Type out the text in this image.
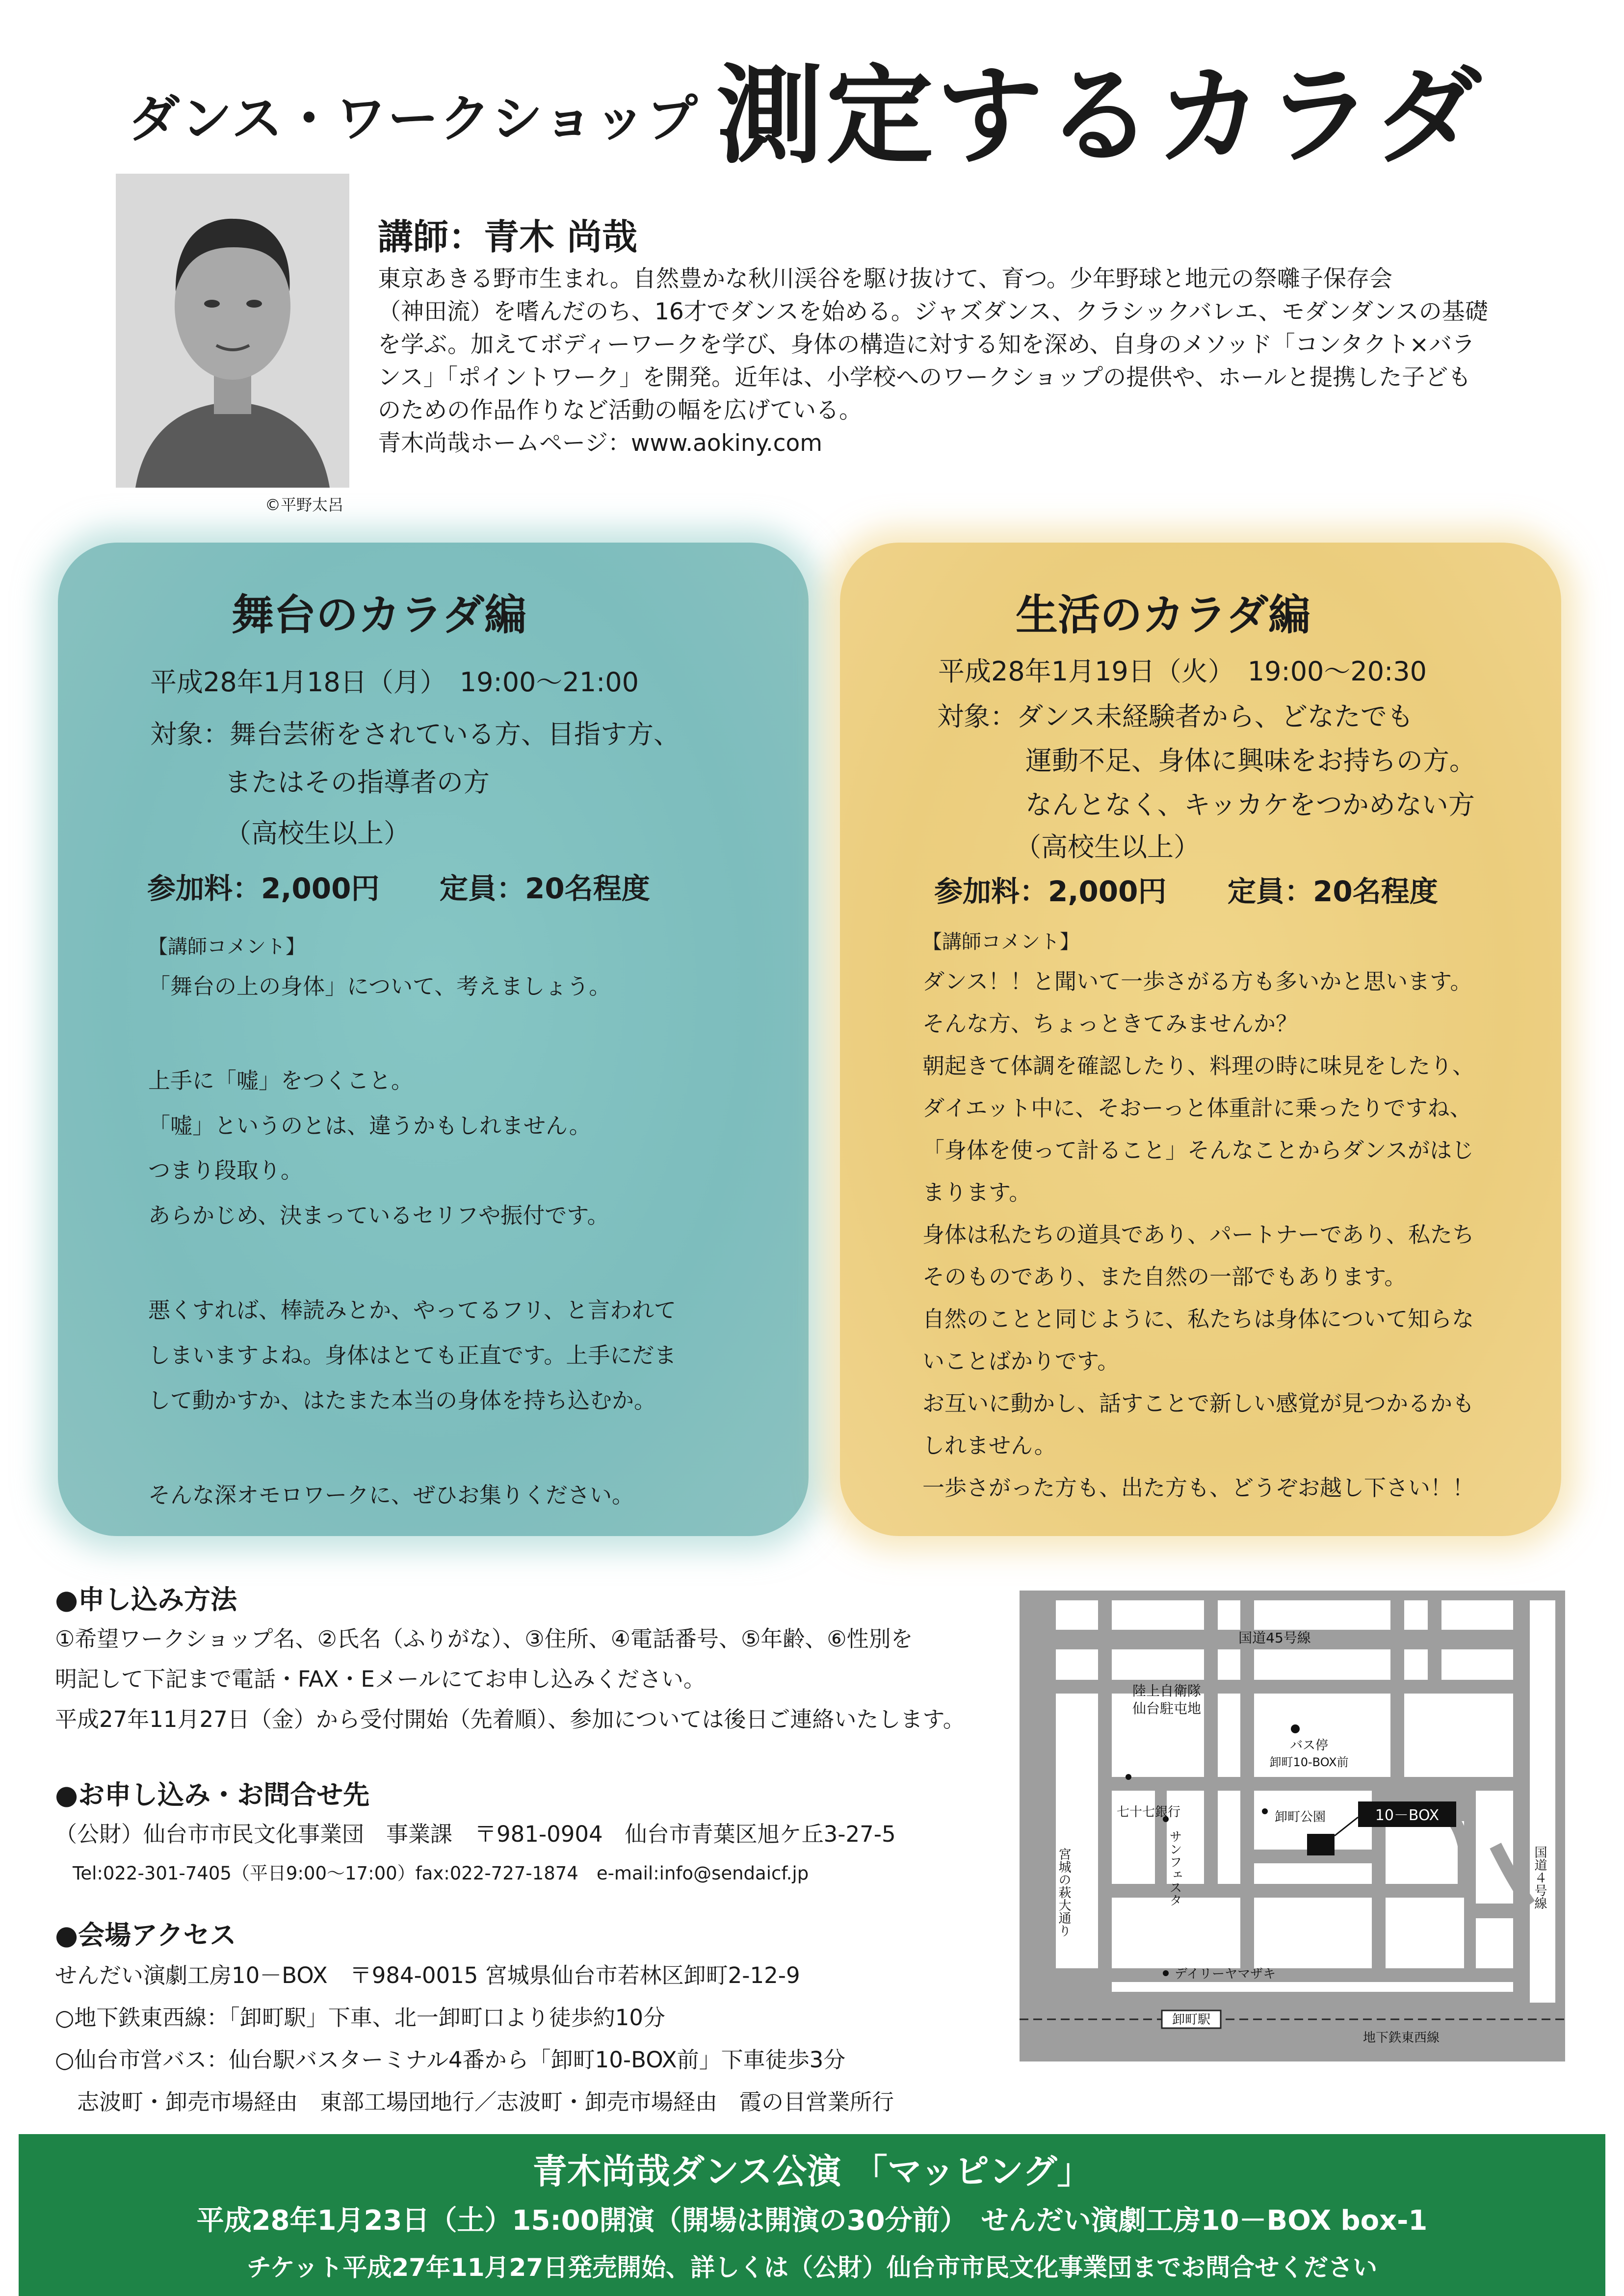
ダンス・ワークショップ 測定するカラダ
©平野太呂
講師：青木 尚哉
東京あきる野市生まれ。自然豊かな秋川渓谷を駆け抜けて、育つ。少年野球と地元の祭囃子保存会
（神田流）を嗜んだのち、16才でダンスを始める。ジャズダンス、クラシックバレエ、モダンダンスの基礎
を学ぶ。加えてボディーワークを学び、身体の構造に対する知を深め、自身のメソッド「コンタクト×バラ
ンス」「ポイントワーク」を開発。近年は、小学校へのワークショップの提供や、ホールと提携した子ども
のための作品作りなど活動の幅を広げている。
青木尚哉ホームページ：www.aokiny.com
舞台のカラダ編
平成28年1月18日（月）　19:00～21:00
対象：舞台芸術をされている方、目指す方、
またはその指導者の方
（高校生以上）
参加料：2,000円 定員：20名程度
【講師コメント】
「舞台の上の身体」について、考えましょう。
上手に「嘘」をつくこと。
「嘘」というのとは、違うかもしれません。
つまり段取り。
あらかじめ、決まっているセリフや振付です。
悪くすれば、棒読みとか、やってるフリ、と言われて
しまいますよね。身体はとても正直です。上手にだま
して動かすか、はたまた本当の身体を持ち込むか。
そんな深オモロワークに、ぜひお集りください。
生活のカラダ編
平成28年1月19日（火）　19:00～20:30
対象：ダンス未経験者から、どなたでも
運動不足、身体に興味をお持ちの方。
なんとなく、キッカケをつかめない方
（高校生以上）
参加料：2,000円 定員：20名程度
【講師コメント】
ダンス！！と聞いて一歩さがる方も多いかと思います。
そんな方、ちょっときてみませんか？
朝起きて体調を確認したり、料理の時に味見をしたり、
ダイエット中に、そおーっと体重計に乗ったりですね、
「身体を使って計ること」そんなことからダンスがはじ
まります。
身体は私たちの道具であり、パートナーであり、私たち
そのものであり、また自然の一部でもあります。
自然のことと同じように、私たちは身体について知らな
いことばかりです。
お互いに動かし、話すことで新しい感覚が見つかるかも
しれません。
一歩さがった方も、出た方も、どうぞお越し下さい！！
●申し込み方法
①希望ワークショップ名、②氏名（ふりがな）、③住所、④電話番号、⑤年齢、⑥性別を
明記して下記まで電話・FAX・Eメールにてお申し込みください。
平成27年11月27日（金）から受付開始（先着順）、参加については後日ご連絡いたします。
●お申し込み・お問合せ先
（公財）仙台市市民文化事業団　事業課　〒981-0904　仙台市青葉区旭ケ丘3-27-5
Tel:022-301-7405（平日9:00～17:00）fax:022-727-1874　e-mail:info@sendaicf.jp
●会場アクセス
せんだい演劇工房10－BOX　〒984-0015 宮城県仙台市若林区卸町2-12-9
○地下鉄東西線：「卸町駅」下車、北一卸町口より徒歩約10分
○仙台市営バス：仙台駅バスターミナル4番から「卸町10-BOX前」下車徒歩3分
　志波町・卸売市場経由　東部工場団地行／志波町・卸売市場経由　霞の目営業所行
国道45号線
陸上自衛隊
仙台駐屯地
バス停
卸町10-BOX前
七十七銀行	卸町公園	10－BOX
宮城の萩大通り	サンフェスタ	国道４号線
デイリーヤマザキ
卸町駅
地下鉄東西線
青木尚哉ダンス公演 「マッピング」
平成28年1月23日（土）15:00開演（開場は開演の30分前）　せんだい演劇工房10－BOX box-1
チケット平成27年11月27日発売開始、詳しくは（公財）仙台市市民文化事業団までお問合せください
